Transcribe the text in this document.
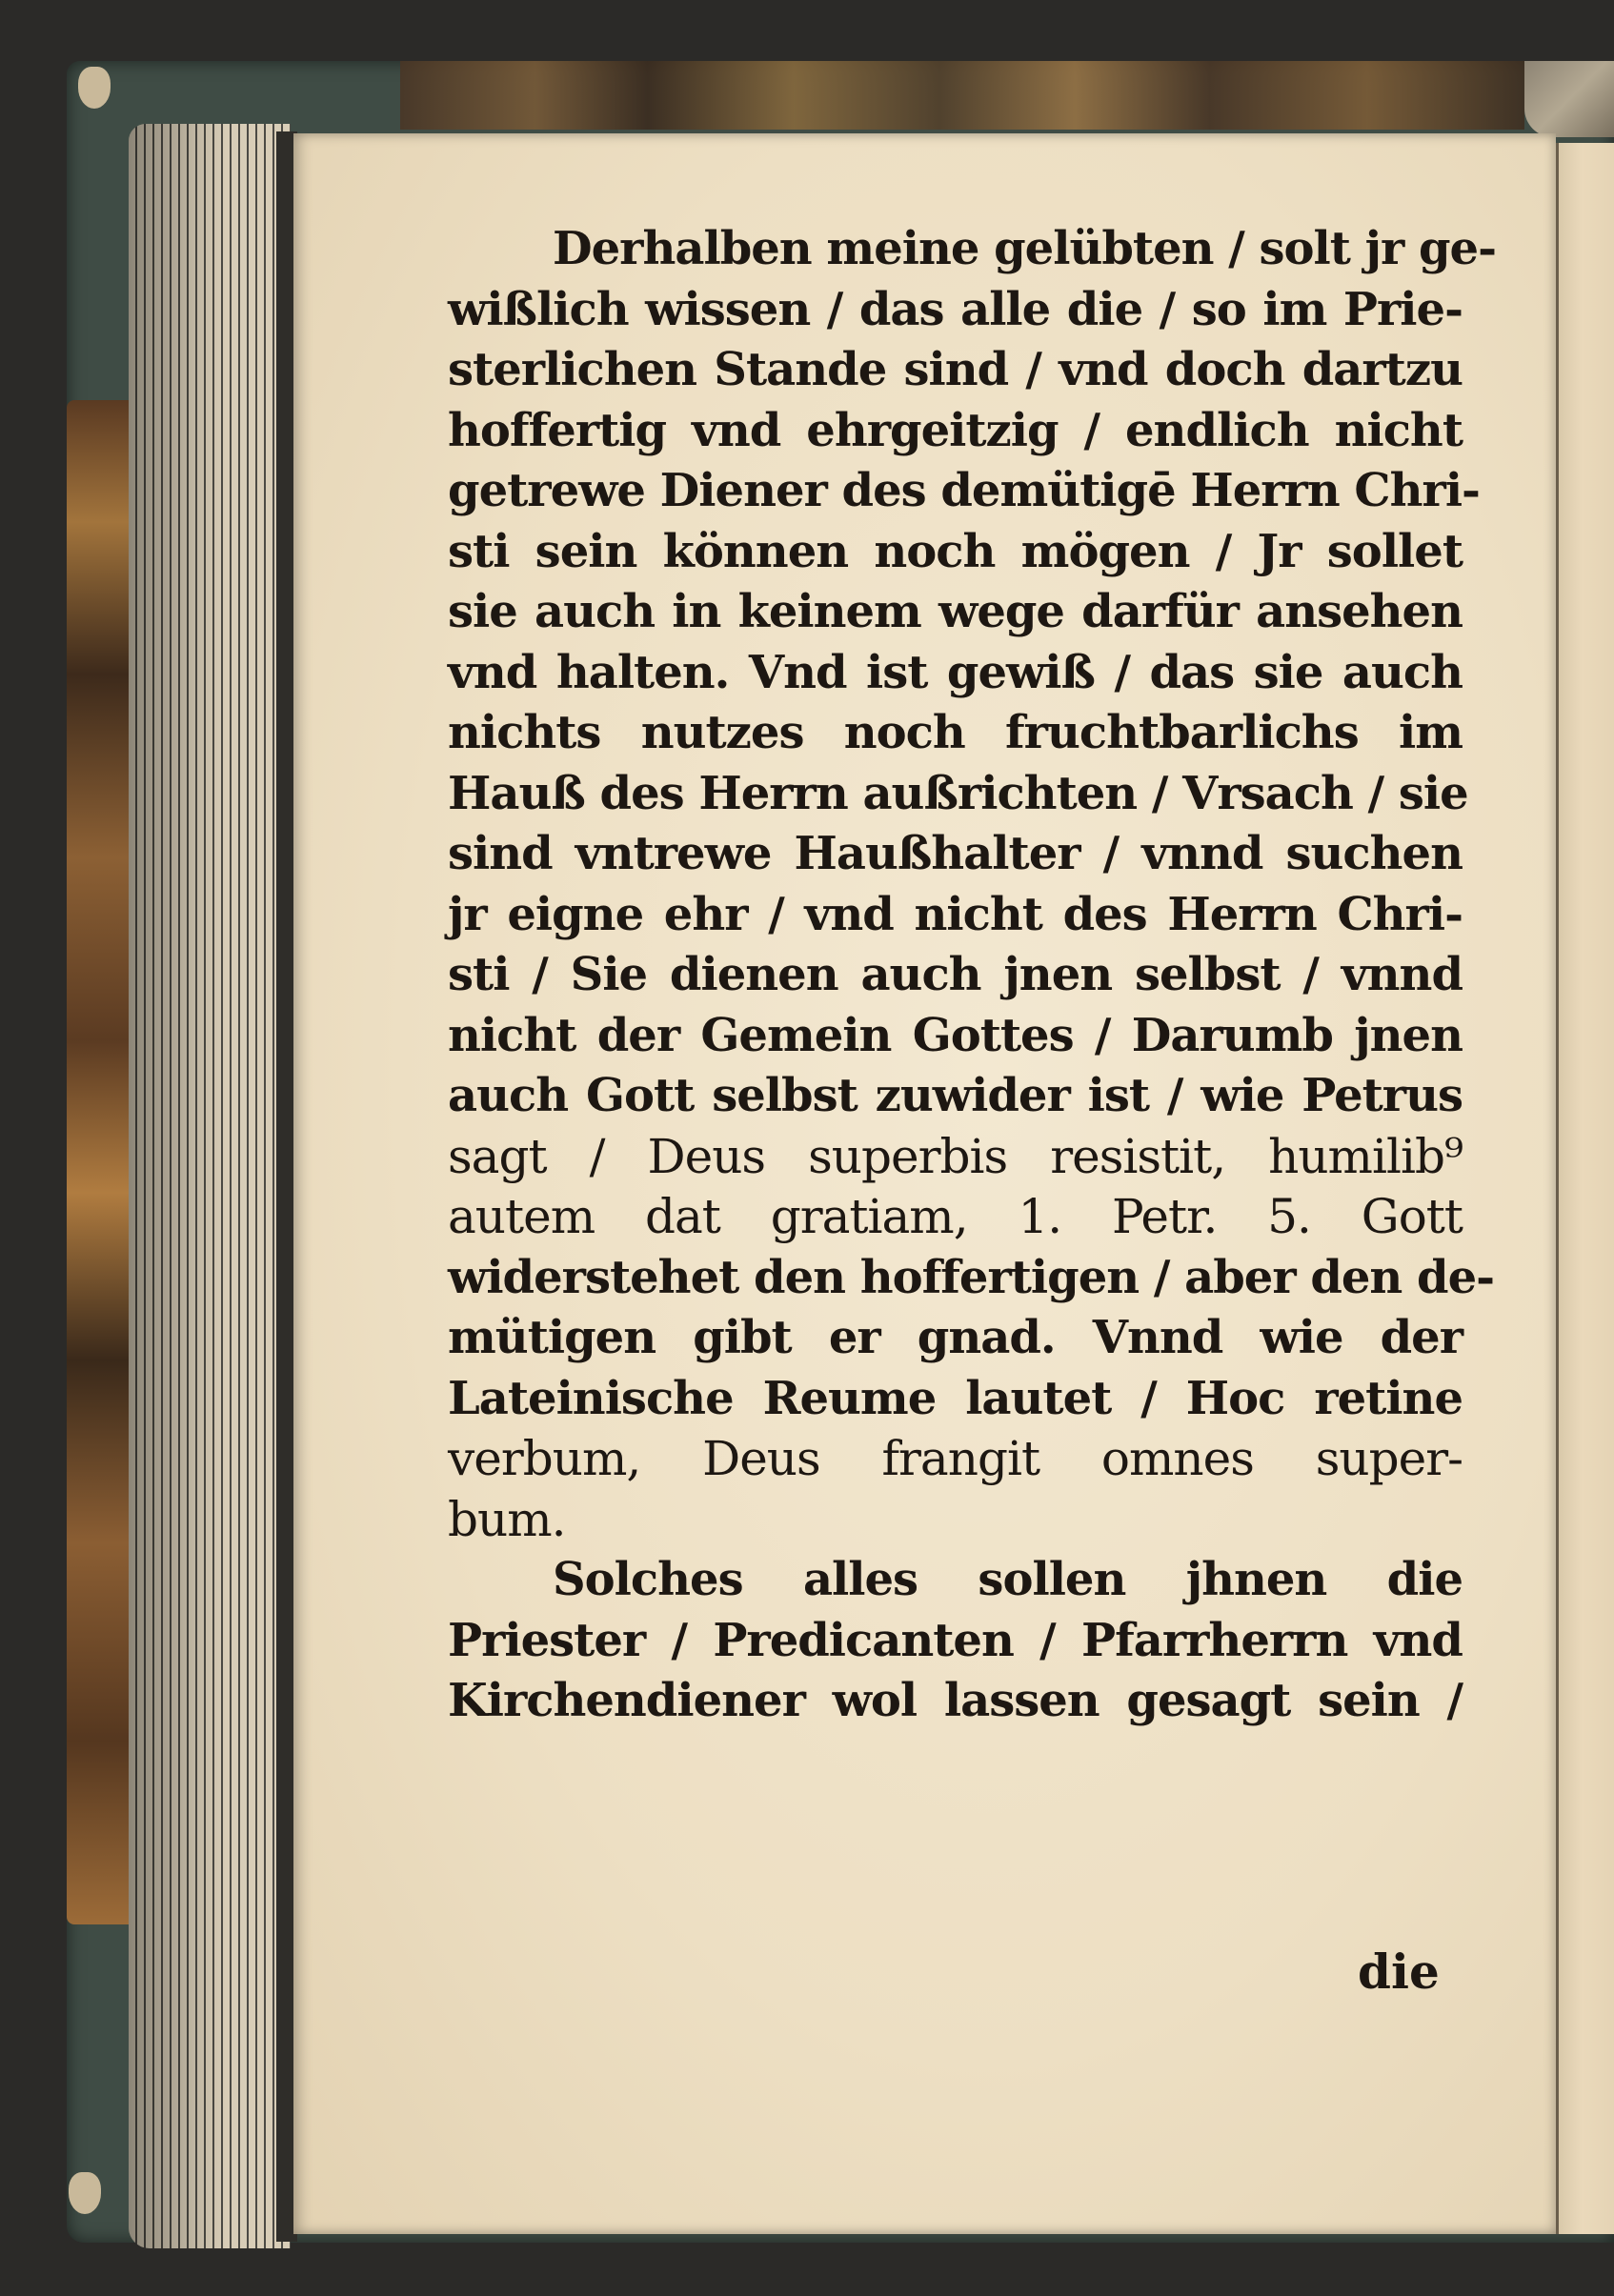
Derhalben meine gelübten / solt jr ge-
wißlich wissen / das alle die / so im Prie-
sterlichen Stande sind / vnd doch dartzu
hoffertig vnd ehrgeitzig / endlich nicht
getrewe Diener des demütigē Herrn Chri-
sti sein können noch mögen / Jr sollet
sie auch in keinem wege darfür ansehen
vnd halten. Vnd ist gewiß / das sie auch
nichts nutzes noch fruchtbarlichs im
Hauß des Herrn außrichten / Vrsach / sie
sind vntrewe Haußhalter / vnnd suchen
jr eigne ehr / vnd nicht des Herrn Chri-
sti / Sie dienen auch jnen selbst / vnnd
nicht der Gemein Gottes / Darumb jnen
auch Gott selbst zuwider ist / wie Petrus
sagt / Deus superbis resistit, humilib⁹
autem dat gratiam, 1. Petr. 5. Gott
widerstehet den hoffertigen / aber den de-
mütigen gibt er gnad. Vnnd wie der
Lateinische Reume lautet / Hoc retine
verbum, Deus frangit omnes super-
bum.
Solches alles sollen jhnen die
Priester / Predicanten / Pfarrherrn vnd
Kirchendiener wol lassen gesagt sein /
die
